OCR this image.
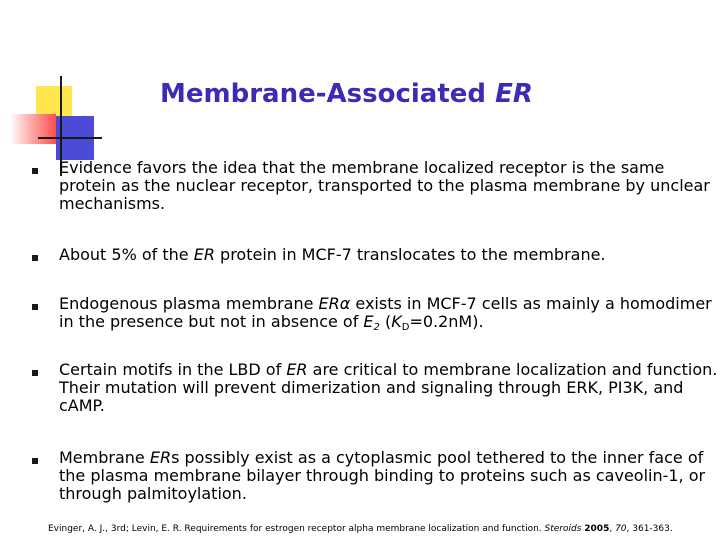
Membrane-Associated ER
Evidence favors the idea that the membrane localized receptor is the same protein as the nuclear receptor, transported to the plasma membrane by unclear mechanisms.
About 5% of the ER protein in MCF-7 translocates to the membrane.
Endogenous plasma membrane ERα exists in MCF-7 cells as mainly a homodimer in the presence but not in absence of $E_2$ $(K_D=0.2nM)$.
Certain motifs in the LBD of ER are critical to membrane localization and function. Their mutation will prevent dimerization and signaling through ERK, PI3K, and cAMP.
Membrane ERs possibly exist as a cytoplasmic pool tethered to the inner face of the plasma membrane bilayer through binding to proteins such as caveolin-1, or through palmitoylation.
Evinger, A. J., 3rd; Levin, E. R. Requirements for estrogen receptor alpha membrane localization and function. Steroids 2005, 70, 361-363.
